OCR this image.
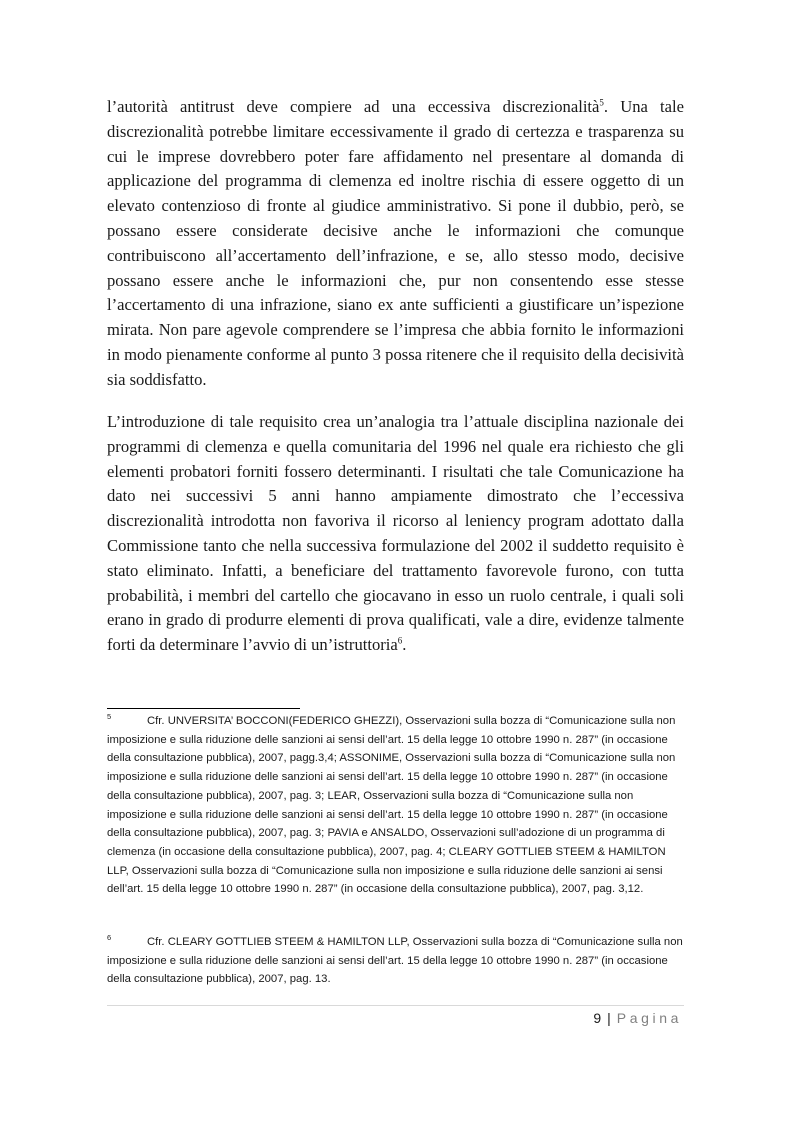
l’autorità antitrust deve compiere ad una eccessiva discrezionalità$^5$. Una tale discrezionalità potrebbe limitare eccessivamente il grado di certezza e trasparenza su cui le imprese dovrebbero poter fare affidamento nel presentare al domanda di applicazione del programma di clemenza ed inoltre rischia di essere oggetto di un elevato contenzioso di fronte al giudice amministrativo. Si pone il dubbio, però, se possano essere considerate decisive anche le informazioni che comunque contribuiscono all’accertamento dell’infrazione, e se, allo stesso modo, decisive possano essere anche le informazioni che, pur non consentendo esse stesse l’accertamento di una infrazione, siano ex ante sufficienti a giustificare un’ispezione mirata. Non pare agevole comprendere se l’impresa che abbia fornito le informazioni in modo pienamente conforme al punto 3 possa ritenere che il requisito della decisività sia soddisfatto.

L’introduzione di tale requisito crea un’analogia tra l’attuale disciplina nazionale dei programmi di clemenza e quella comunitaria del 1996 nel quale era richiesto che gli elementi probatori forniti fossero determinanti. I risultati che tale Comunicazione ha dato nei successivi 5 anni hanno ampiamente dimostrato che l’eccessiva discrezionalità introdotta non favoriva il ricorso al leniency program adottato dalla Commissione tanto che nella successiva formulazione del 2002 il suddetto requisito è stato eliminato. Infatti, a beneficiare del trattamento favorevole furono, con tutta probabilità, i membri del cartello che giocavano in esso un ruolo centrale, i quali soli erano in grado di produrre elementi di prova qualificati, vale a dire, evidenze talmente forti da determinare l’avvio di un’istruttoria$^6$.

5	Cfr. UNVERSITA’ BOCCONI(FEDERICO GHEZZI), Osservazioni sulla bozza di “Comunicazione sulla non imposizione e sulla riduzione delle sanzioni ai sensi dell’art. 15 della legge 10 ottobre 1990 n. 287” (in occasione della consultazione pubblica), 2007, pagg.3,4; ASSONIME, Osservazioni sulla bozza di “Comunicazione sulla non imposizione e sulla riduzione delle sanzioni ai sensi dell’art. 15 della legge 10 ottobre 1990 n. 287” (in occasione della consultazione pubblica), 2007, pag. 3; LEAR, Osservazioni sulla bozza di “Comunicazione sulla non imposizione e sulla riduzione delle sanzioni ai sensi dell’art. 15 della legge 10 ottobre 1990 n. 287” (in occasione della consultazione pubblica), 2007, pag. 3; PAVIA e ANSALDO, Osservazioni sull’adozione di un programma di clemenza (in occasione della consultazione pubblica), 2007, pag. 4; CLEARY GOTTLIEB STEEM & HAMILTON LLP, Osservazioni sulla bozza di “Comunicazione sulla non imposizione e sulla riduzione delle sanzioni ai sensi dell’art. 15 della legge 10 ottobre 1990 n. 287” (in occasione della consultazione pubblica), 2007, pag. 3,12.

6	Cfr. CLEARY GOTTLIEB STEEM & HAMILTON LLP, Osservazioni sulla bozza di “Comunicazione sulla non imposizione e sulla riduzione delle sanzioni ai sensi dell’art. 15 della legge 10 ottobre 1990 n. 287” (in occasione della consultazione pubblica), 2007, pag. 13.

9 | Pagina
